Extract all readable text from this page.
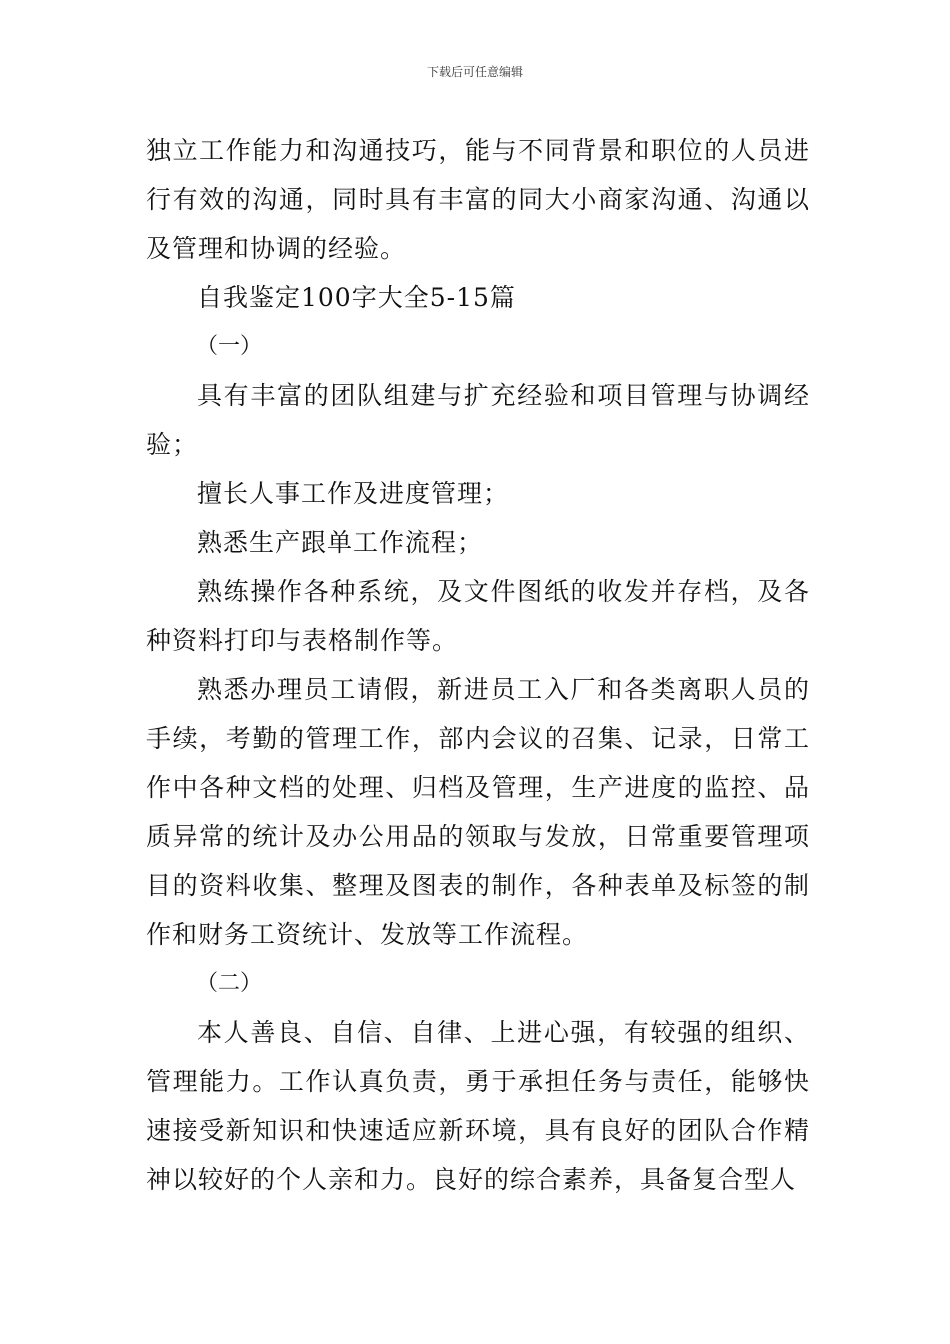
下载后可任意编辑

独立工作能力和沟通技巧，能与不同背景和职位的人员进行有效的沟通，同时具有丰富的同大小商家沟通、沟通以及管理和协调的经验。

自我鉴定100字大全5-15篇

（一）

具有丰富的团队组建与扩充经验和项目管理与协调经验；

擅长人事工作及进度管理；

熟悉生产跟单工作流程；

熟练操作各种系统，及文件图纸的收发并存档，及各种资料打印与表格制作等。

熟悉办理员工请假，新进员工入厂和各类离职人员的手续，考勤的管理工作，部内会议的召集、记录，日常工作中各种文档的处理、归档及管理，生产进度的监控、品质异常的统计及办公用品的领取与发放，日常重要管理项目的资料收集、整理及图表的制作，各种表单及标签的制作和财务工资统计、发放等工作流程。

（二）

本人善良、自信、自律、上进心强，有较强的组织、管理能力。工作认真负责，勇于承担任务与责任，能够快速接受新知识和快速适应新环境，具有良好的团队合作精神以较好的个人亲和力。良好的综合素养，具备复合型人
